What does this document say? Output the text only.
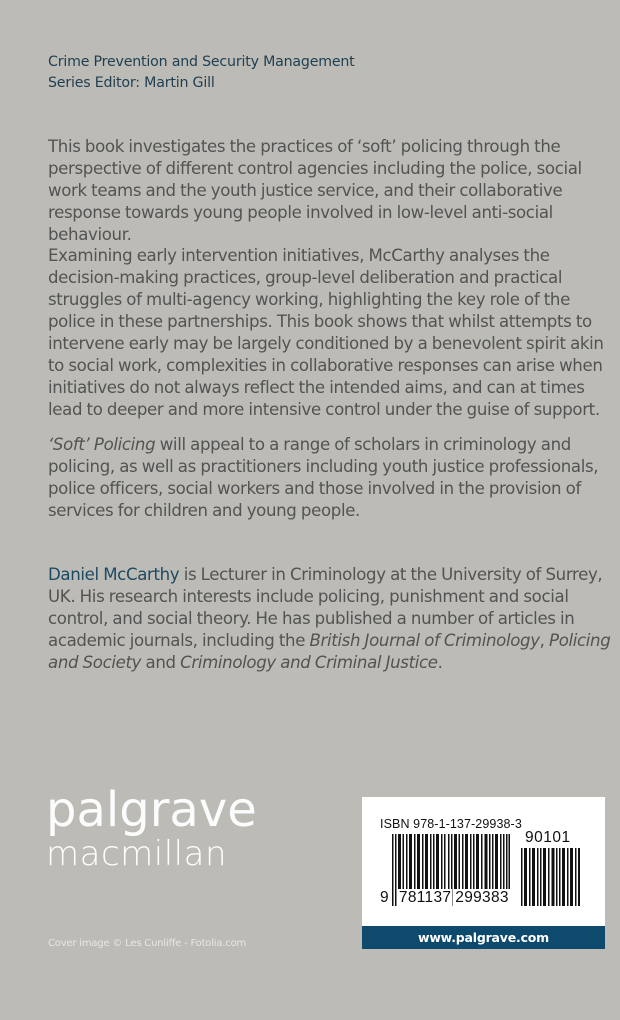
Crime Prevention and Security Management
Series Editor: Martin Gill

This book investigates the practices of ‘soft’ policing through the perspective of different control agencies including the police, social work teams and the youth justice service, and their collaborative response towards young people involved in low-level anti-social behaviour.

Examining early intervention initiatives, McCarthy analyses the decision-making practices, group-level deliberation and practical struggles of multi-agency working, highlighting the key role of the police in these partnerships. This book shows that whilst attempts to intervene early may be largely conditioned by a benevolent spirit akin to social work, complexities in collaborative responses can arise when initiatives do not always reflect the intended aims, and can at times lead to deeper and more intensive control under the guise of support.

‘Soft’ Policing will appeal to a range of scholars in criminology and policing, as well as practitioners including youth justice professionals, police officers, social workers and those involved in the provision of services for children and young people.

Daniel McCarthy is Lecturer in Criminology at the University of Surrey, UK. His research interests include policing, punishment and social control, and social theory. He has published a number of articles in academic journals, including the British Journal of Criminology, Policing and Society and Criminology and Criminal Justice.

palgrave
macmillan
Cover image © Les Cunliffe - Fotolia.com
ISBN 978-1-137-29938-3
90101
9 781137 299383
www.palgrave.com
